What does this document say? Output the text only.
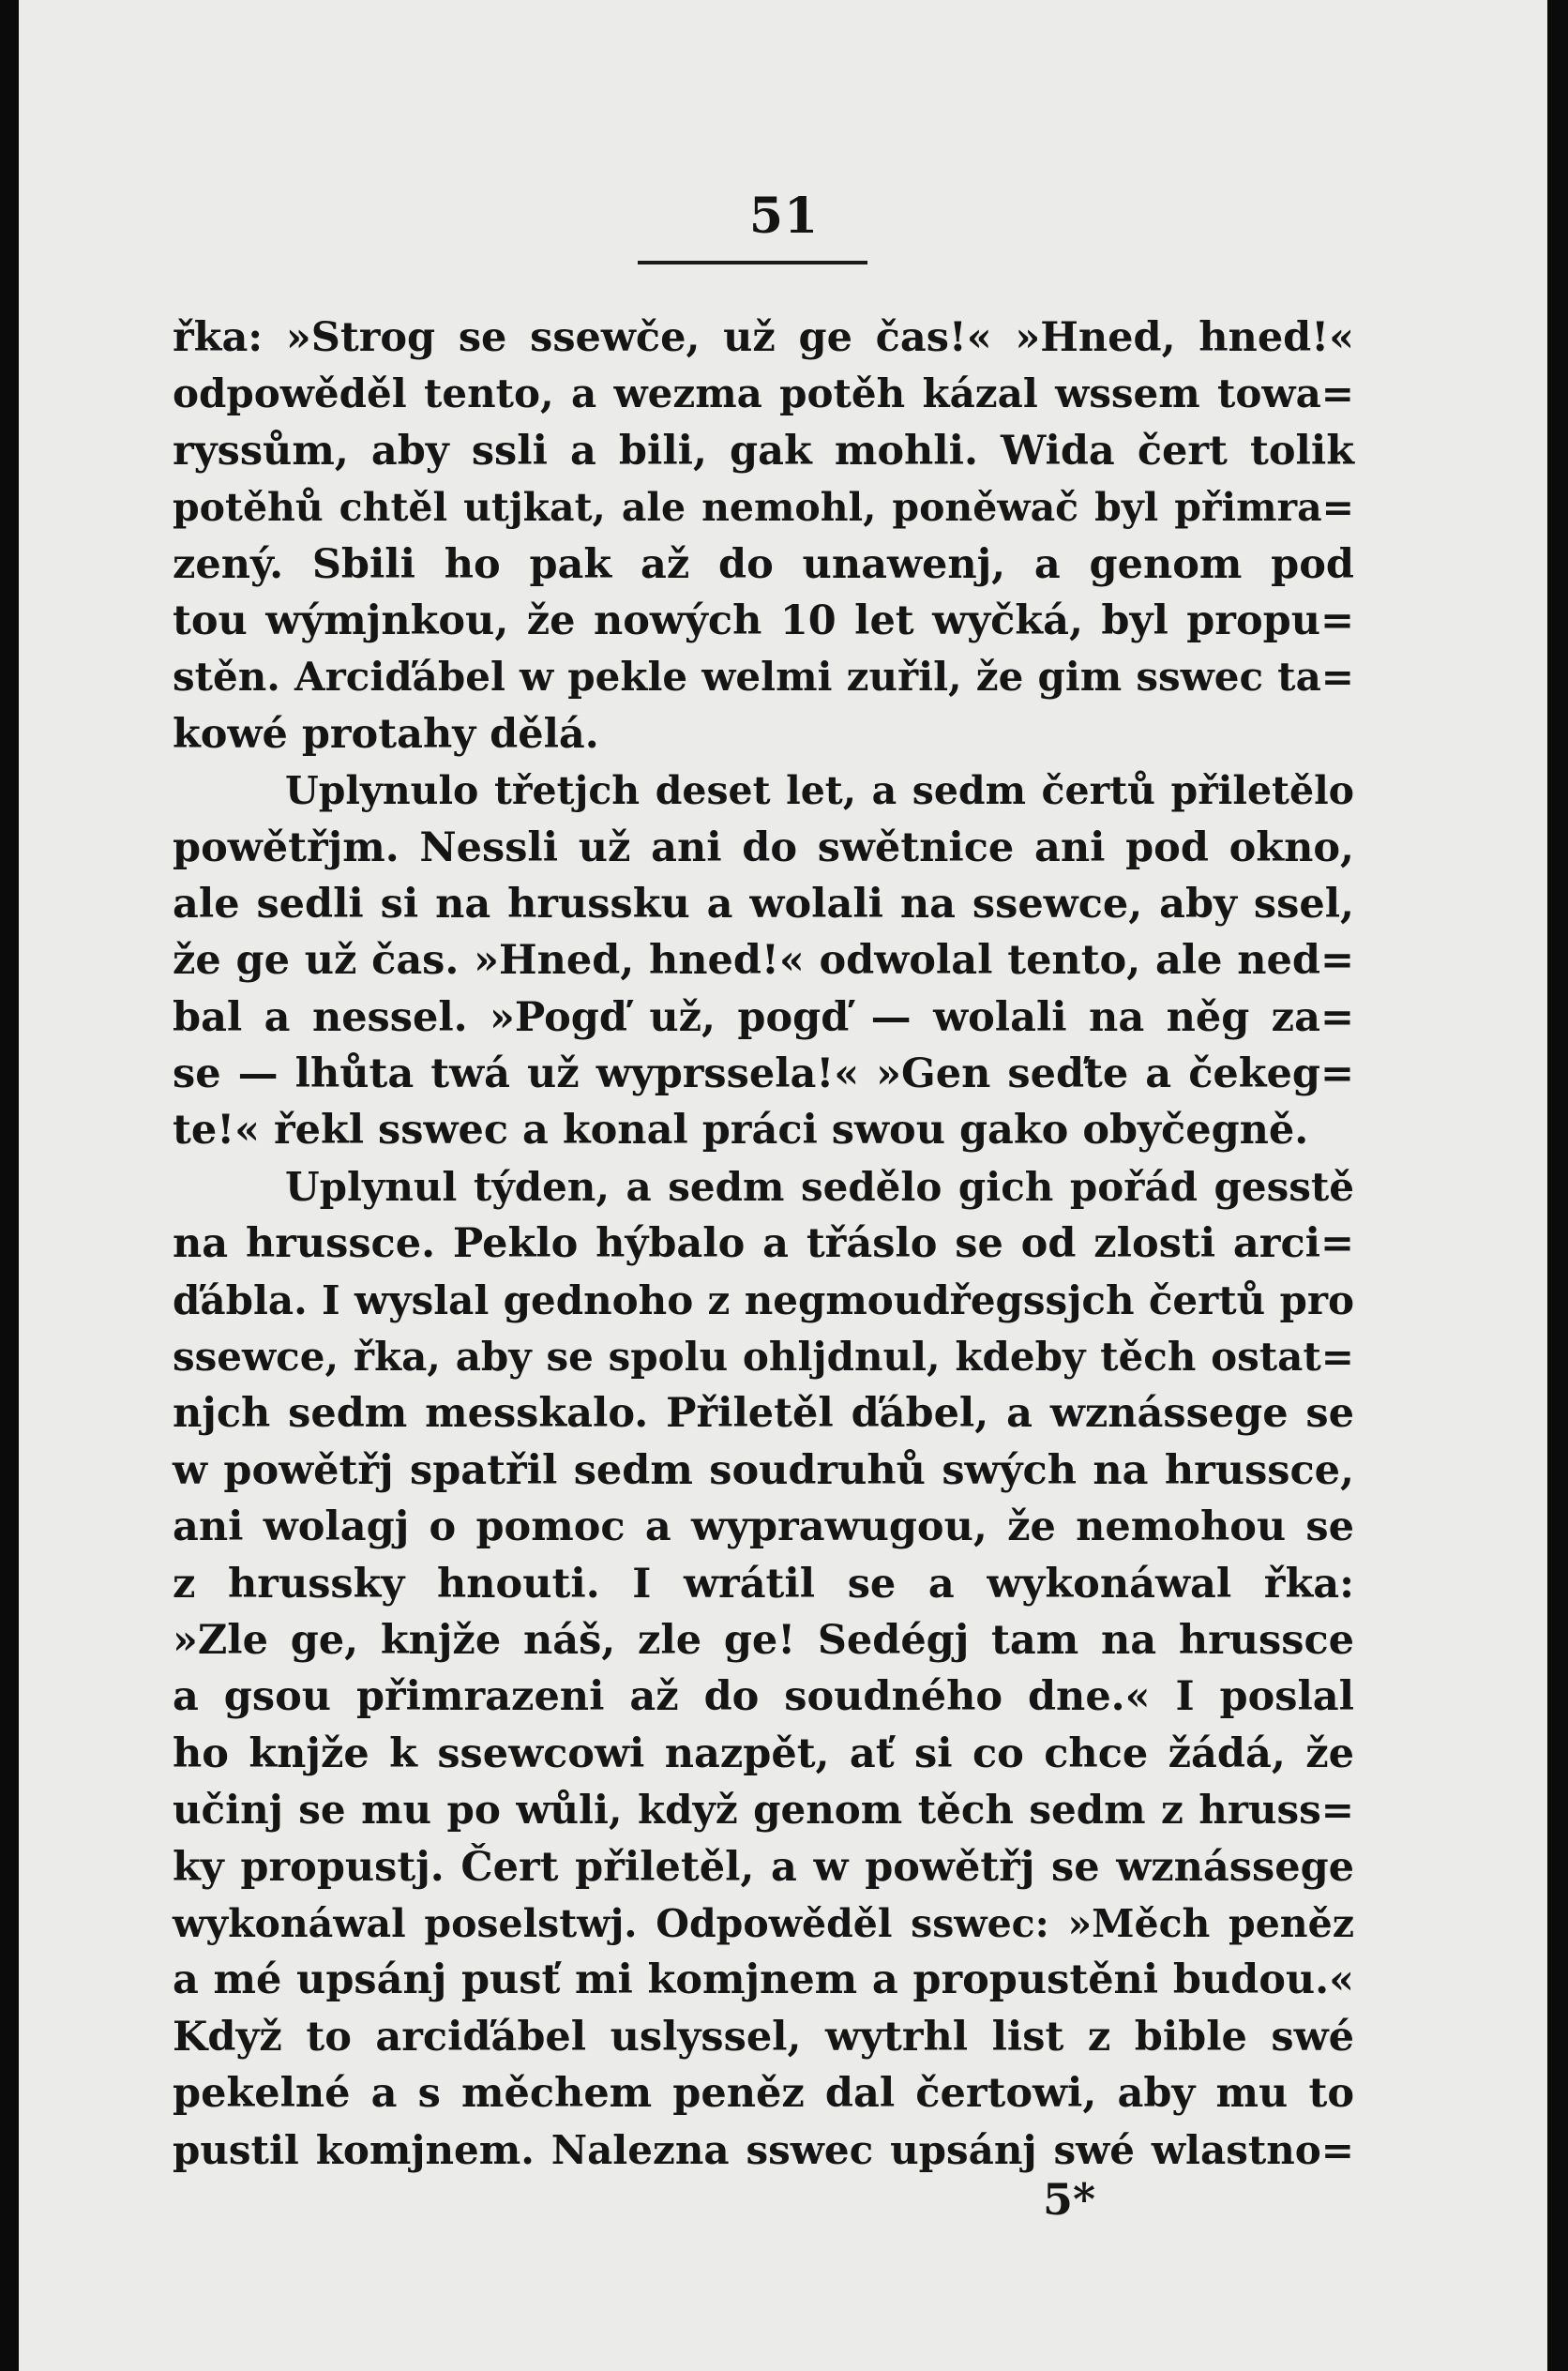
51
řka: »Strog se ssewče, už ge čas!« »Hned, hned!«
odpowěděl tento, a wezma potěh kázal wssem towa=
ryssům, aby ssli a bili, gak mohli. Wida čert tolik
potěhů chtěl utjkat, ale nemohl, poněwač byl přimra=
zený. Sbili ho pak až do unawenj, a genom pod
tou wýmjnkou, že nowých 10 let wyčká, byl propu=
stěn. Arciďábel w pekle welmi zuřil, že gim sswec ta=
kowé protahy dělá.
Uplynulo třetjch deset let, a sedm čertů přiletělo
powětřjm. Nessli už ani do swětnice ani pod okno,
ale sedli si na hrussku a wolali na ssewce, aby ssel,
že ge už čas. »Hned, hned!« odwolal tento, ale ned=
bal a nessel. »Pogď už, pogď — wolali na něg za=
se — lhůta twá už wyprssela!« »Gen seďte a čekeg=
te!« řekl sswec a konal práci swou gako obyčegně.
Uplynul týden, a sedm sedělo gich pořád gesstě
na hrussce. Peklo hýbalo a třáslo se od zlosti arci=
ďábla. I wyslal gednoho z negmoudřegssjch čertů pro
ssewce, řka, aby se spolu ohljdnul, kdeby těch ostat=
njch sedm messkalo. Přiletěl ďábel, a wznássege se
w powětřj spatřil sedm soudruhů swých na hrussce,
ani wolagj o pomoc a wyprawugou, že nemohou se
z hrussky hnouti. I wrátil se a wykonáwal řka:
»Zle ge, knjže náš, zle ge! Sedégj tam na hrussce
a gsou přimrazeni až do soudného dne.« I poslal
ho knjže k ssewcowi nazpět, ať si co chce žádá, že
učinj se mu po wůli, když genom těch sedm z hruss=
ky propustj. Čert přiletěl, a w powětřj se wznássege
wykonáwal poselstwj. Odpowěděl sswec: »Měch peněz
a mé upsánj pusť mi komjnem a propustěni budou.«
Když to arciďábel uslyssel, wytrhl list z bible swé
pekelné a s měchem peněz dal čertowi, aby mu to
pustil komjnem. Nalezna sswec upsánj swé wlastno=
5*
